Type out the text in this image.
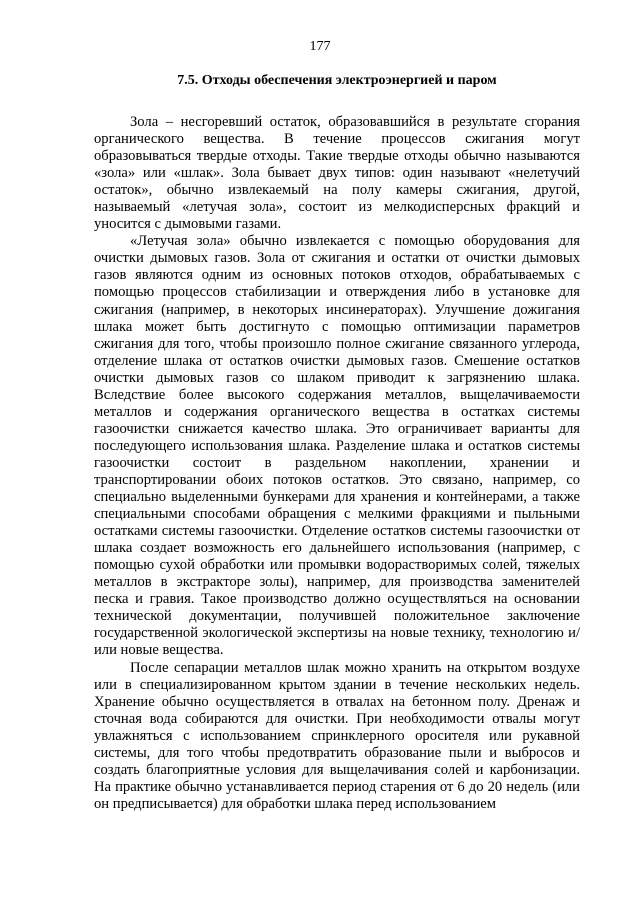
177
7.5. Отходы обеспечения электроэнергией и паром

Зола – несгоревший остаток, образовавшийся в результате сгорания органического вещества. В течение процессов сжигания могут образовываться твердые отходы. Такие твердые отходы обычно называются «зола» или «шлак». Зола бывает двух типов: один называют «нелетучий остаток», обычно извлекаемый на полу камеры сжигания, другой, называемый «летучая зола», состоит из мелкодисперсных фракций и уносится с дымовыми газами.

«Летучая зола» обычно извлекается с помощью оборудования для очистки дымовых газов. Зола от сжигания и остатки от очистки дымовых газов являются одним из основных потоков отходов, обрабатываемых с помощью процессов стабилизации и отверждения либо в установке для сжигания (например, в некоторых инсинераторах). Улучшение дожигания шлака может быть достигнуто с помощью оптимизации параметров сжигания для того, чтобы произошло полное сжигание связанного углерода, отделение шлака от остатков очистки дымовых газов. Смешение остатков очистки дымовых газов со шлаком приводит к загрязнению шлака. Вследствие более высокого содержания металлов, выщелачиваемости металлов и содержания органического вещества в остатках системы газоочистки снижается качество шлака. Это ограничивает варианты для последующего использования шлака. Разделение шлака и остатков системы газоочистки состоит в раздельном накоплении, хранении и транспортировании обоих потоков остатков. Это связано, например, со специально выделенными бункерами для хранения и контейнерами, а также специальными способами обращения с мелкими фракциями и пыльными остатками системы газоочистки. Отделение остатков системы газоочистки от шлака создает возможность его дальнейшего использования (например, с помощью сухой обработки или промывки водорастворимых солей, тяжелых металлов в экстракторе золы), например, для производства заменителей песка и гравия. Такое производство должно осуществляться на основании технической документации, получившей положительное заключение государственной экологической экспертизы на новые технику, технологию и/или новые вещества.

После сепарации металлов шлак можно хранить на открытом воздухе или в специализированном крытом здании в течение нескольких недель. Хранение обычно осуществляется в отвалах на бетонном полу. Дренаж и сточная вода собираются для очистки. При необходимости отвалы могут увлажняться с использованием спринклерного оросителя или рукавной системы, для того чтобы предотвратить образование пыли и выбросов и создать благоприятные условия для выщелачивания солей и карбонизации. На практике обычно устанавливается период старения от 6 до 20 недель (или он предписывается) для обработки шлака перед использованием
